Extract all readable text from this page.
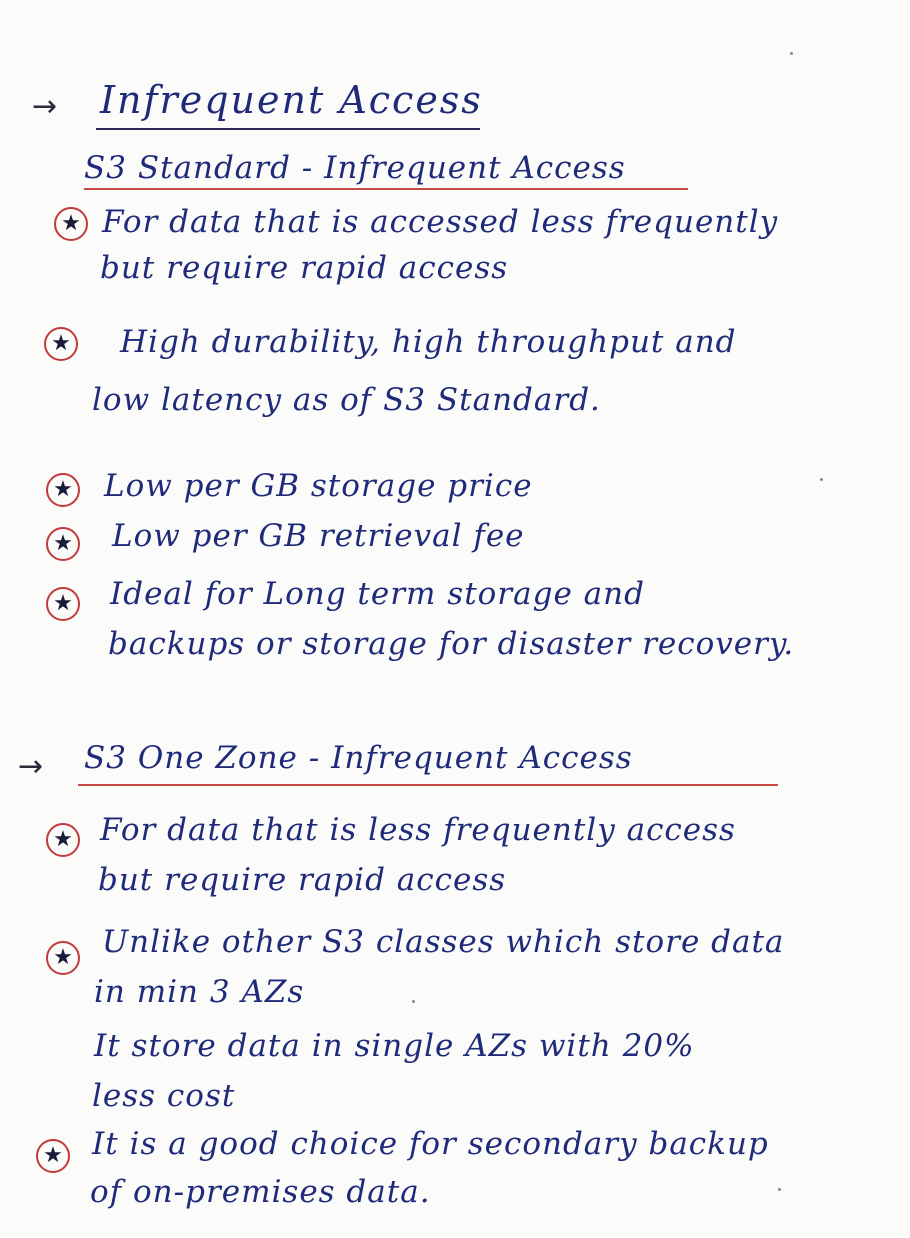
→ Infrequent Access
S3 Standard - Infrequent Access
★ For data that is accessed less frequently
but require rapid access
★ High durability, high throughput and
low latency as of S3 Standard.
★ Low per GB storage price
★ Low per GB retrieval fee
★ Ideal for Long term storage and
backups or storage for disaster recovery.
→ S3 One Zone - Infrequent Access
★ For data that is less frequently access
but require rapid access
★ Unlike other S3 classes which store data
in min 3 AZs
It store data in single AZs with 20%
less cost
★ It is a good choice for secondary backup
of on-premises data.
